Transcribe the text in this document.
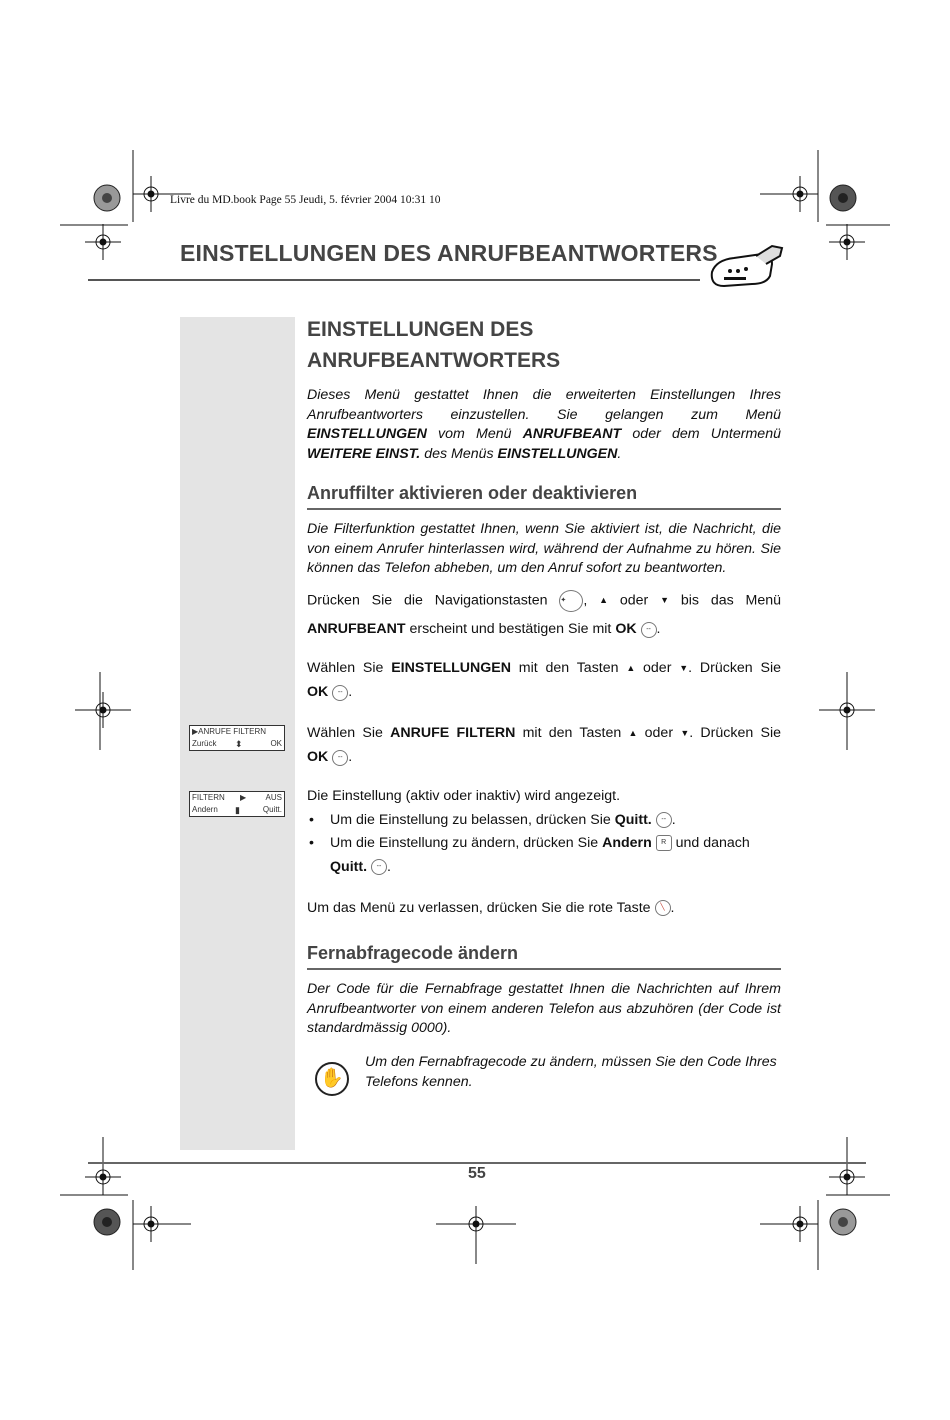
Livre du MD.book Page 55 Jeudi, 5. février 2004 10:31 10
EINSTELLUNGEN DES ANRUFBEANTWORTERS
EINSTELLUNGEN DES
ANRUFBEANTWORTERS
Dieses Menü gestattet Ihnen die erweiterten Einstellungen Ihres Anrufbeantworters einzustellen. Sie gelangen zum Menü EINSTELLUNGEN vom Menü ANRUFBEANT oder dem Untermenü WEITERE EINST. des Menüs EINSTELLUNGEN.
Anruffilter aktivieren oder deaktivieren
Die Filterfunktion gestattet Ihnen, wenn Sie aktiviert ist, die Nachricht, die von einem Anrufer hinterlassen wird, während der Aufnahme zu hören. Sie können das Telefon abheben, um den Anruf sofort zu beantworten.
Drücken Sie die Navigationstasten ✦ , ▲ oder ▼ bis das Menü
ANRUFBEANT erscheint und bestätigen Sie mit OK -- .
Wählen Sie EINSTELLUNGEN mit den Tasten ▲ oder ▼. Drücken Sie
OK -- .
▶ANRUFE FILTERN
Zurück ⬍	OK
Wählen Sie ANRUFE FILTERN mit den Tasten ▲ oder ▼. Drücken Sie
OK -- .
FILTERN ▶ AUS
Andern ▮	Quitt.
Die Einstellung (aktiv oder inaktiv) wird angezeigt.
• Um die Einstellung zu belassen, drücken Sie Quitt. -- .
• Um die Einstellung zu ändern, drücken Sie Andern R und danach
Quitt. -- .
Um das Menü zu verlassen, drücken Sie die rote Taste ╲ .
Fernabfragecode ändern
Der Code für die Fernabfrage gestattet Ihnen die Nachrichten auf Ihrem Anrufbeantworter von einem anderen Telefon aus abzuhören (der Code ist standardmässig 0000).
✋
Um den Fernabfragecode zu ändern, müssen Sie den Code Ihres Telefons kennen.
55
